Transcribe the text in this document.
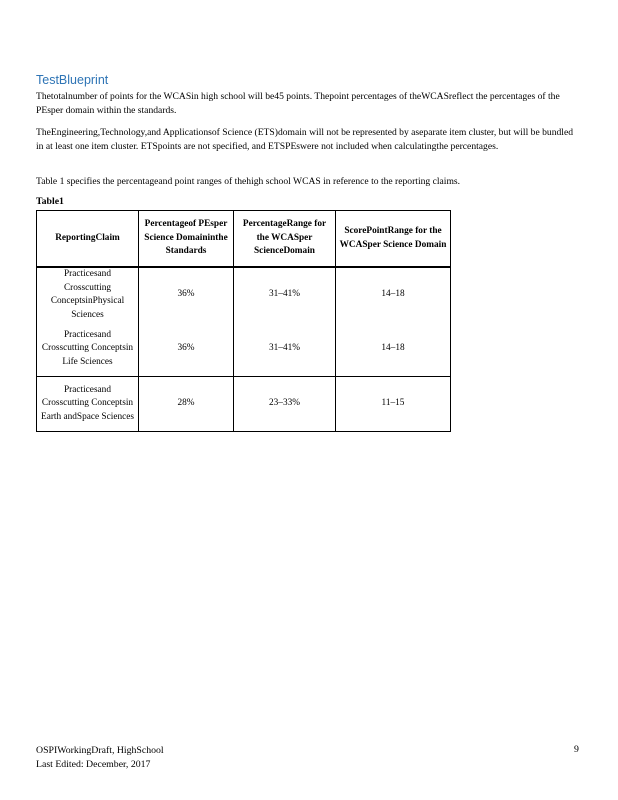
TestBlueprint
Thetotalnumber of points for the WCASin high school will be45 points. Thepoint percentages of theWCASreflect the percentages of the PEsper domain within the standards.
TheEngineering,Technology,and Applicationsof Science (ETS)domain will not be represented by aseparate item cluster, but will be bundled in at least one item cluster. ETSpoints are not specified, and ETSPEswere not included when calculatingthe percentages.
Table 1 specifies the percentageand point ranges of thehigh school WCAS in reference to the reporting claims.
Table1
ReportingClaim	Percentageof PEsper Science Domaininthe Standards	PercentageRange for the WCASper ScienceDomain	ScorePointRange for the WCASper Science Domain
Practicesand Crosscutting ConceptsinPhysical Sciences	36%	31–41%	14–18
Practicesand Crosscutting Conceptsin Life Sciences	36%	31–41%	14–18
Practicesand Crosscutting Conceptsin Earth andSpace Sciences	28%	23–33%	11–15
OSPIWorkingDraft, HighSchool
Last Edited: December, 2017
9
